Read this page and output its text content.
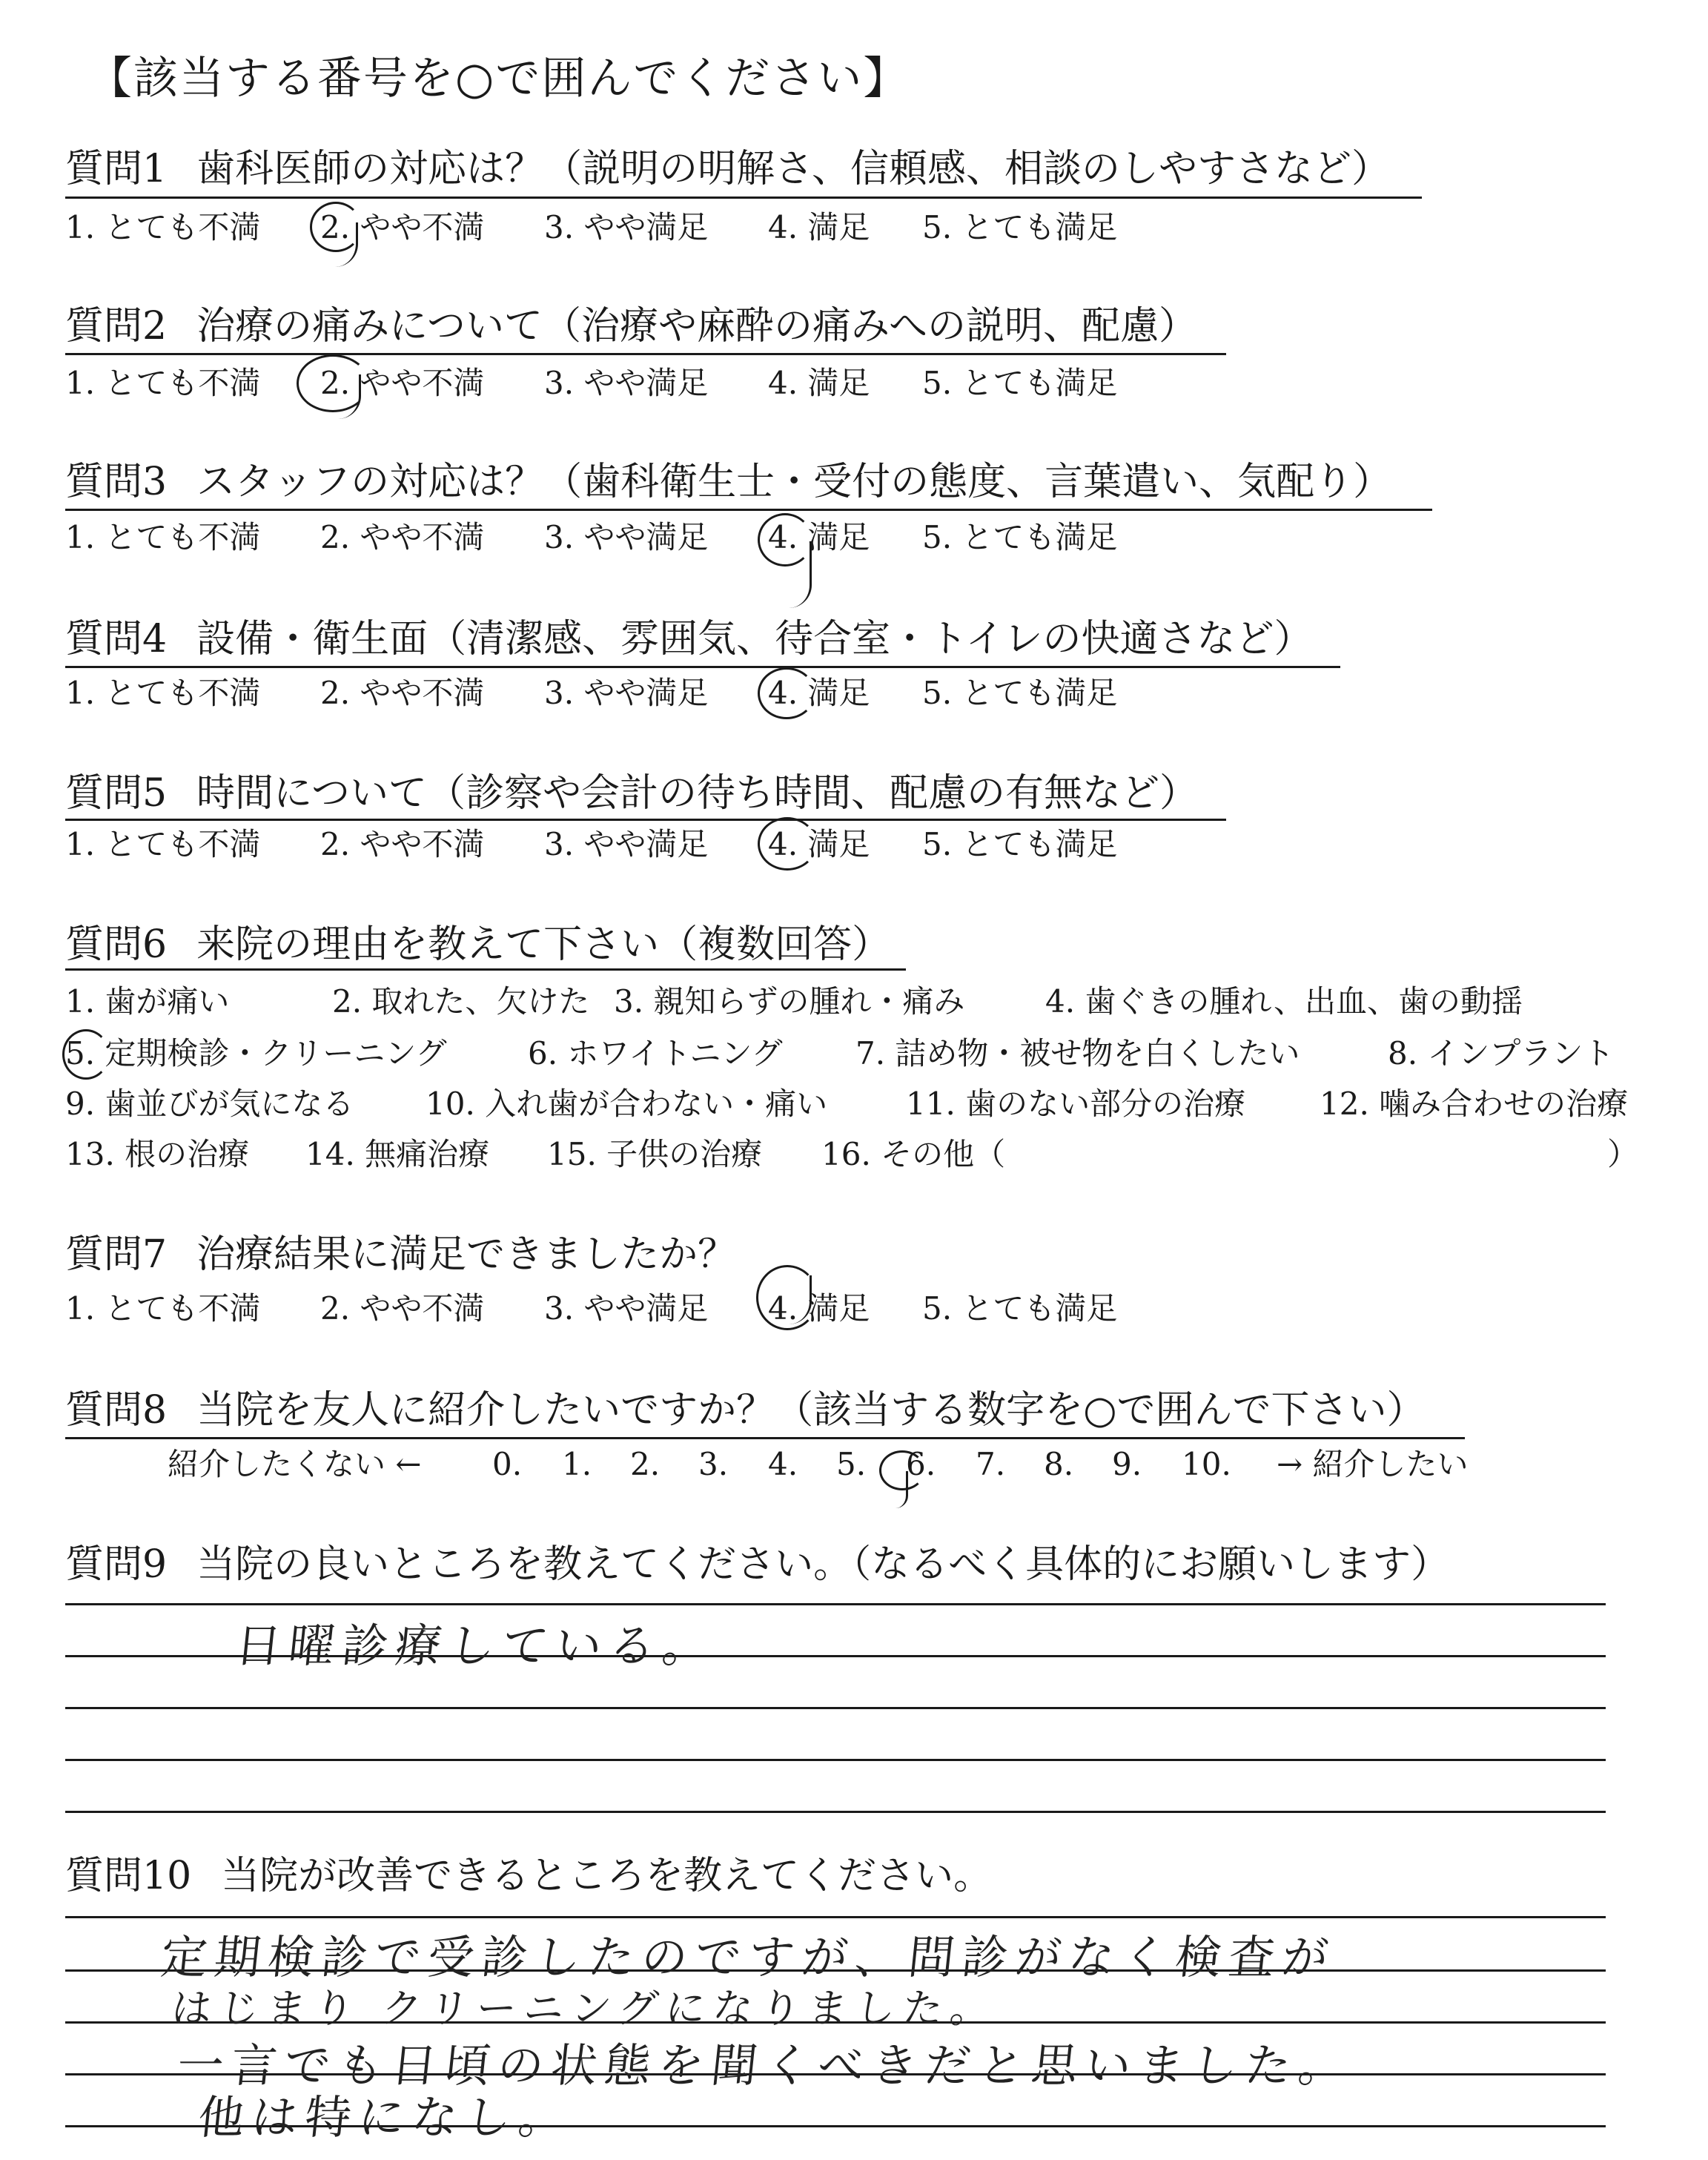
【該当する番号を○で囲んでください】
質問1 歯科医師の対応は？（説明の明解さ、信頼感、相談のしやすさなど）
1. とても不満 2. やや不満 3. やや満足 4. 満足 5. とても満足
質問2 治療の痛みについて（治療や麻酔の痛みへの説明、配慮）
1. とても不満 2. やや不満 3. やや満足 4. 満足 5. とても満足
質問3 スタッフの対応は？（歯科衛生士・受付の態度、言葉遣い、気配り）
1. とても不満 2. やや不満 3. やや満足 4. 満足 5. とても満足
質問4 設備・衛生面（清潔感、雰囲気、待合室・トイレの快適さなど）
1. とても不満 2. やや不満 3. やや満足 4. 満足 5. とても満足
質問5 時間について（診察や会計の待ち時間、配慮の有無など）
1. とても不満 2. やや不満 3. やや満足 4. 満足 5. とても満足
質問6 来院の理由を教えて下さい（複数回答）
1. 歯が痛い	2. 取れた、欠けた 3. 親知らずの腫れ・痛み	4. 歯ぐきの腫れ、出血、歯の動揺
5. 定期検診・クリーニング	6. ホワイトニング 7. 詰め物・被せ物を白くしたい	8. インプラント
9. 歯並びが気になる 10. 入れ歯が合わない・痛い	11. 歯のない部分の治療 12. 噛み合わせの治療
13. 根の治療 14. 無痛治療 15. 子供の治療 16. その他（	）
質問7 治療結果に満足できましたか？
1. とても不満 2. やや不満 3. やや満足 4. 満足 5. とても満足
質問8 当院を友人に紹介したいですか？（該当する数字を○で囲んで下さい）
紹介したくない ← 0. 1. 2. 3. 4. 5. 6. 7. 8. 9. 10. → 紹介したい
質問9 当院の良いところを教えてください。（なるべく具体的にお願いします）
日曜診療している。
質問10 当院が改善できるところを教えてください。
定期検診で受診したのですが、問診がなく検査が
はじまり クリーニングになりました。
一言でも日頃の状態を聞くべきだと思いました。
他は特になし。
